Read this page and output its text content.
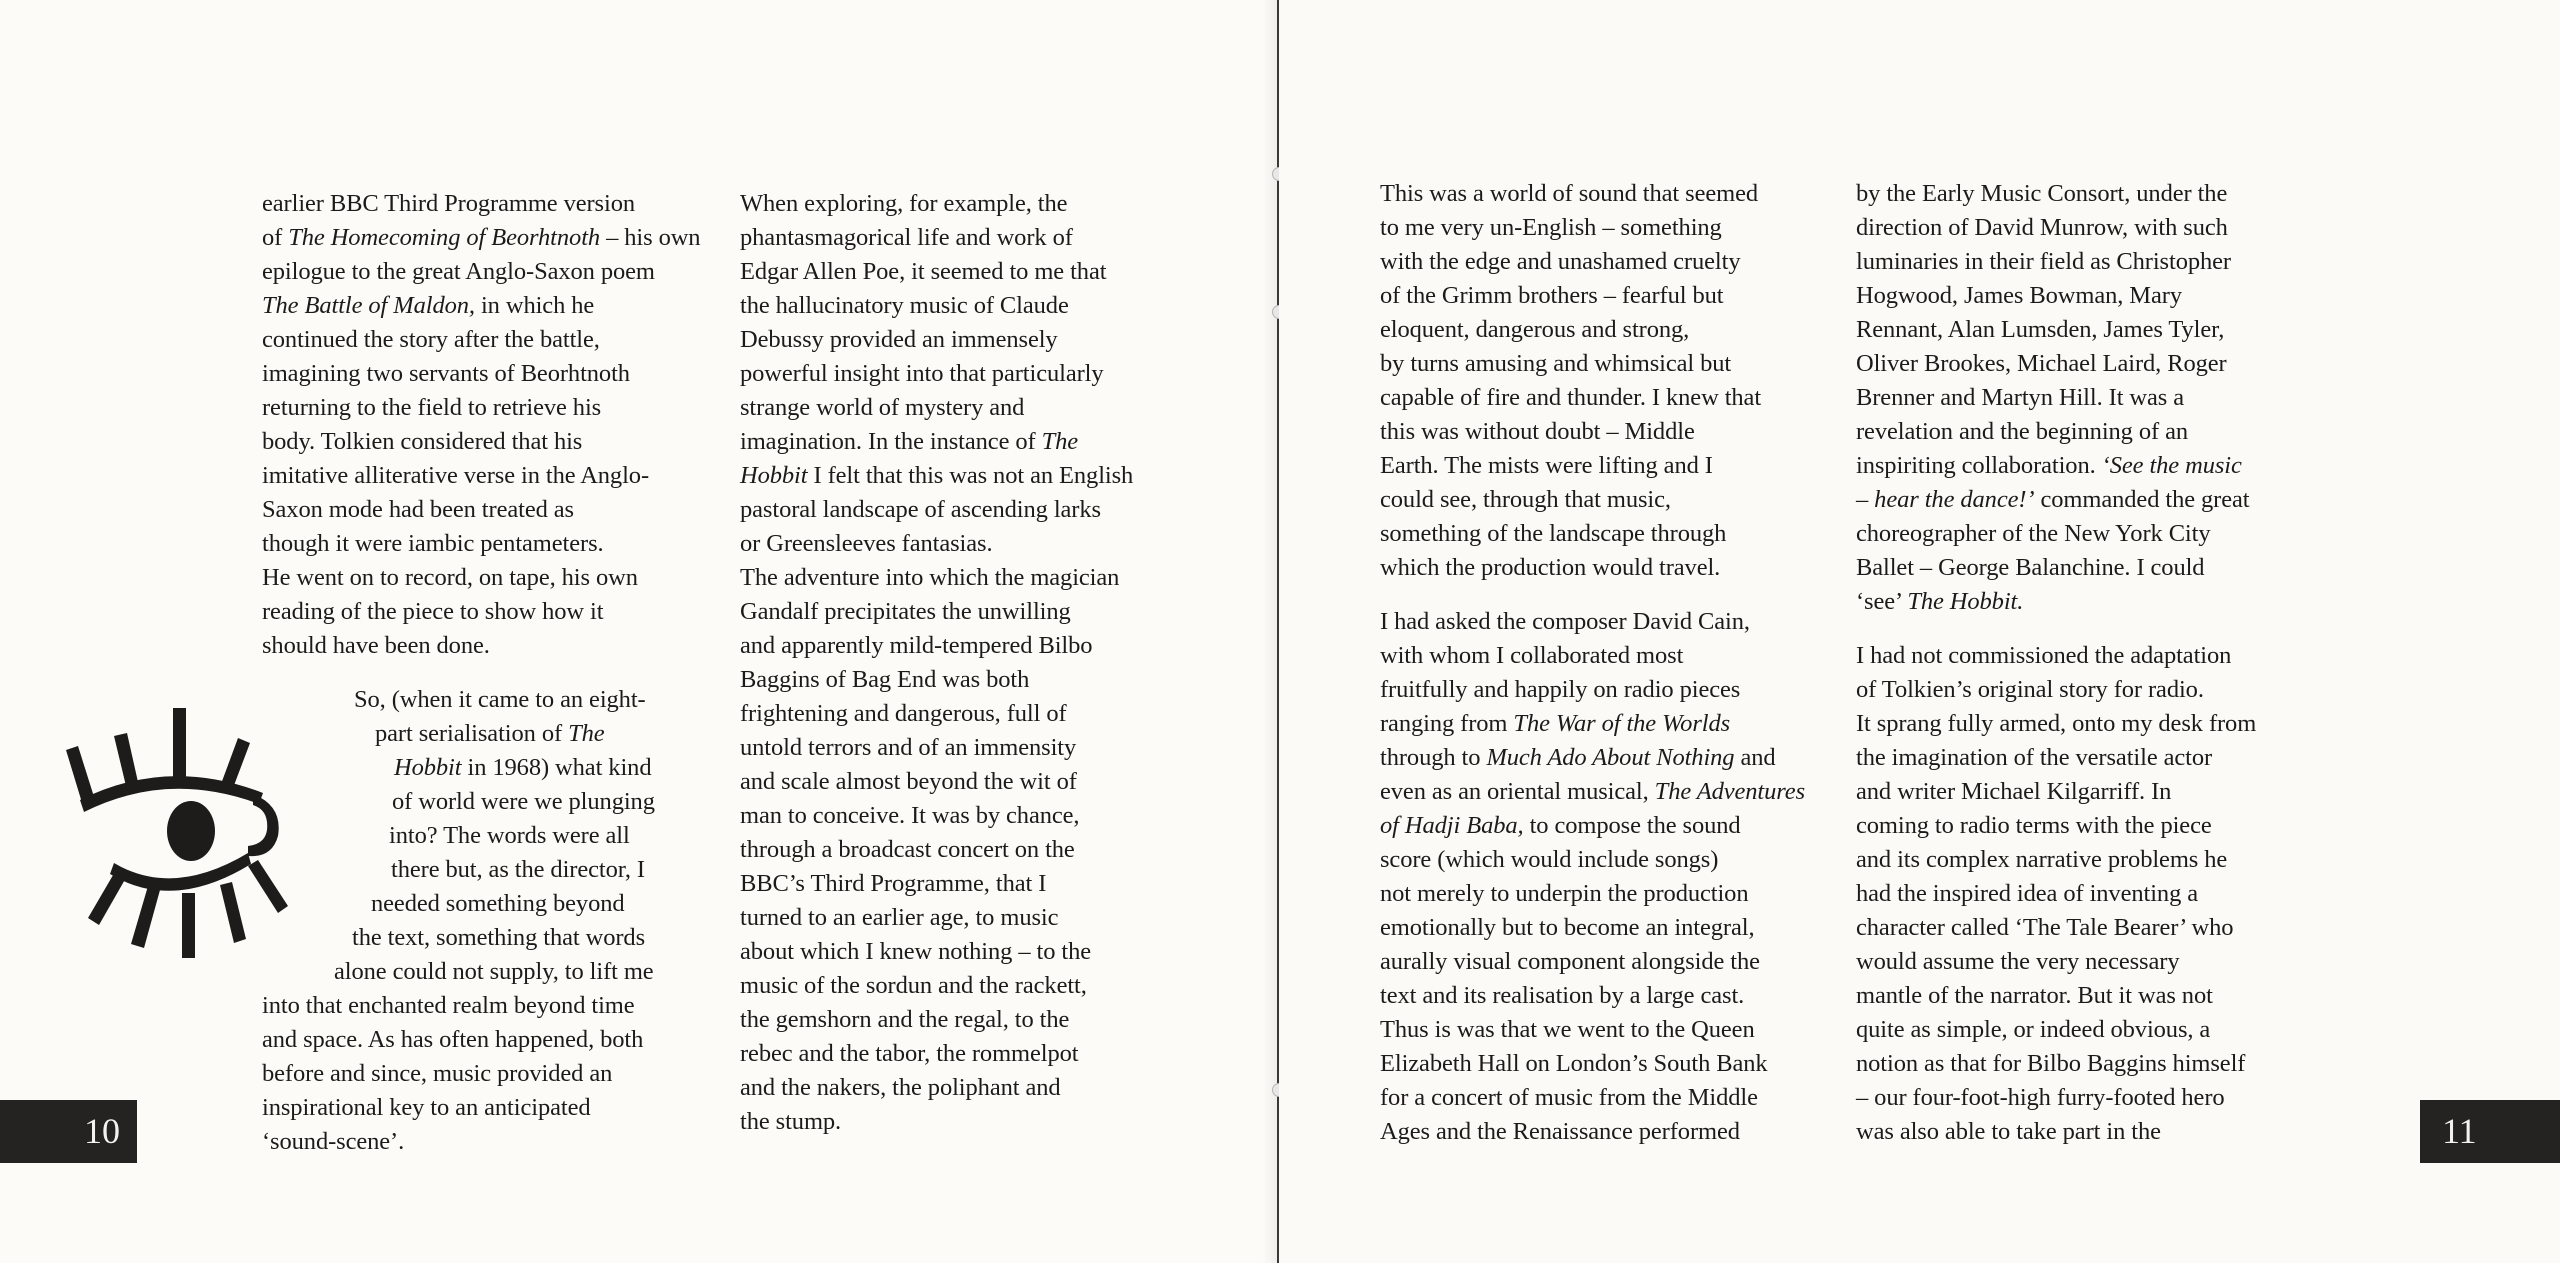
earlier BBC Third Programme version
of The Homecoming of Beorhtnoth – his own
epilogue to the great Anglo-Saxon poem
The Battle of Maldon, in which he
continued the story after the battle,
imagining two servants of Beorhtnoth
returning to the field to retrieve his
body. Tolkien considered that his
imitative alliterative verse in the Anglo-
Saxon mode had been treated as
though it were iambic pentameters.
He went on to record, on tape, his own
reading of the piece to show how it
should have been done.
So, (when it came to an eight-
part serialisation of The
Hobbit in 1968) what kind
of world were we plunging
into? The words were all
there but, as the director, I
needed something beyond
the text, something that words
alone could not supply, to lift me
into that enchanted realm beyond time
and space. As has often happened, both
before and since, music provided an
inspirational key to an anticipated
‘sound-scene’.
When exploring, for example, the
phantasmagorical life and work of
Edgar Allen Poe, it seemed to me that
the hallucinatory music of Claude
Debussy provided an immensely
powerful insight into that particularly
strange world of mystery and
imagination. In the instance of The
Hobbit I felt that this was not an English
pastoral landscape of ascending larks
or Greensleeves fantasias.
The adventure into which the magician
Gandalf precipitates the unwilling
and apparently mild-tempered Bilbo
Baggins of Bag End was both
frightening and dangerous, full of
untold terrors and of an immensity
and scale almost beyond the wit of
man to conceive. It was by chance,
through a broadcast concert on the
BBC’s Third Programme, that I
turned to an earlier age, to music
about which I knew nothing – to the
music of the sordun and the rackett,
the gemshorn and the regal, to the
rebec and the tabor, the rommelpot
and the nakers, the poliphant and
the stump.
10
This was a world of sound that seemed
to me very un-English – something
with the edge and unashamed cruelty
of the Grimm brothers – fearful but
eloquent, dangerous and strong,
by turns amusing and whimsical but
capable of fire and thunder. I knew that
this was without doubt – Middle
Earth. The mists were lifting and I
could see, through that music,
something of the landscape through
which the production would travel.
I had asked the composer David Cain,
with whom I collaborated most
fruitfully and happily on radio pieces
ranging from The War of the Worlds
through to Much Ado About Nothing and
even as an oriental musical, The Adventures
of Hadji Baba, to compose the sound
score (which would include songs)
not merely to underpin the production
emotionally but to become an integral,
aurally visual component alongside the
text and its realisation by a large cast.
Thus is was that we went to the Queen
Elizabeth Hall on London’s South Bank
for a concert of music from the Middle
Ages and the Renaissance performed
by the Early Music Consort, under the
direction of David Munrow, with such
luminaries in their field as Christopher
Hogwood, James Bowman, Mary
Rennant, Alan Lumsden, James Tyler,
Oliver Brookes, Michael Laird, Roger
Brenner and Martyn Hill. It was a
revelation and the beginning of an
inspiriting collaboration. ‘See the music
– hear the dance!’ commanded the great
choreographer of the New York City
Ballet – George Balanchine. I could
‘see’ The Hobbit.
I had not commissioned the adaptation
of Tolkien’s original story for radio.
It sprang fully armed, onto my desk from
the imagination of the versatile actor
and writer Michael Kilgarriff. In
coming to radio terms with the piece
and its complex narrative problems he
had the inspired idea of inventing a
character called ‘The Tale Bearer’ who
would assume the very necessary
mantle of the narrator. But it was not
quite as simple, or indeed obvious, a
notion as that for Bilbo Baggins himself
– our four-foot-high furry-footed hero
was also able to take part in the	11
